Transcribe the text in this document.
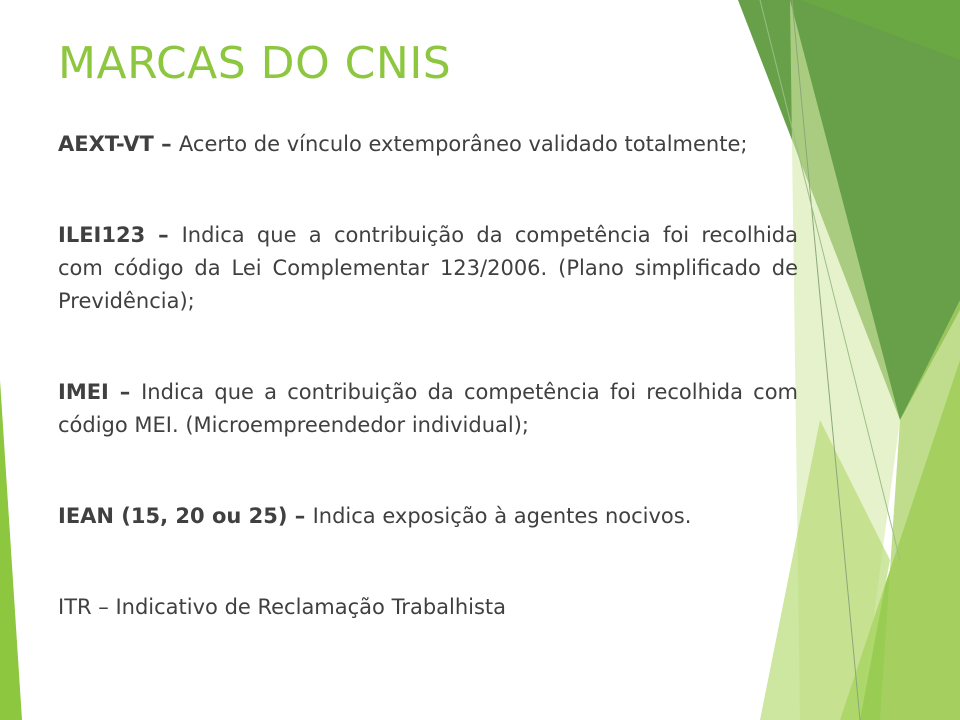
MARCAS DO CNIS

AEXT-VT – Acerto de vínculo extemporâneo validado totalmente;

ILEI123 – Indica que a contribuição da competência foi recolhida com código da Lei Complementar 123/2006. (Plano simplificado de Previdência);

IMEI – Indica que a contribuição da competência foi recolhida com código MEI. (Microempreendedor individual);

IEAN (15, 20 ou 25) – Indica exposição à agentes nocivos.

ITR – Indicativo de Reclamação Trabalhista
